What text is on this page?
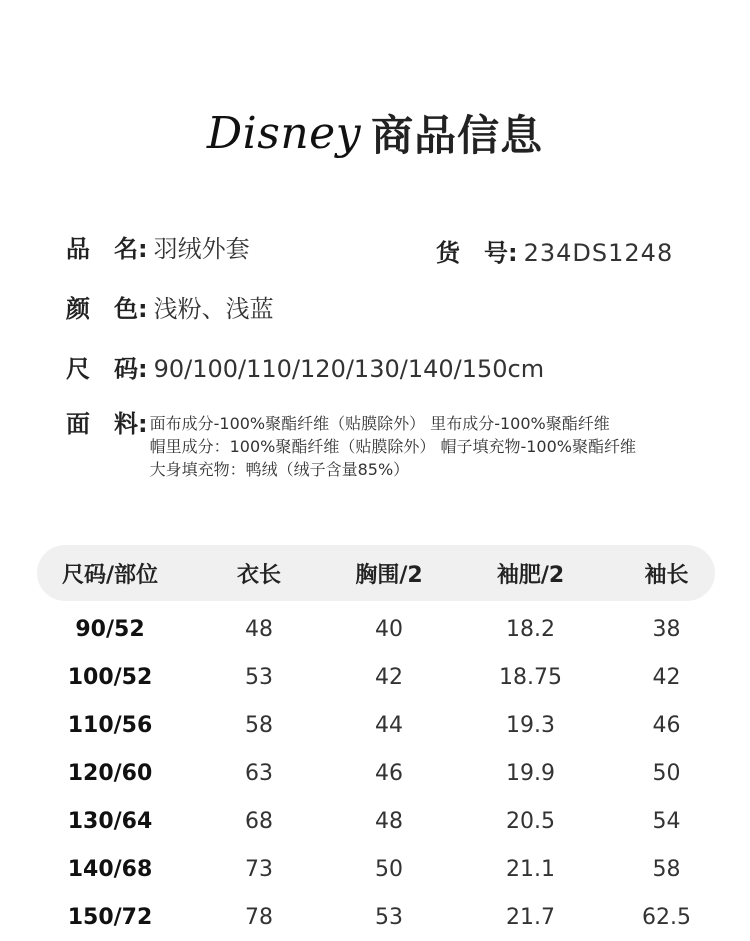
Disney 商品信息
品 名 : 羽绒外套	货 号 : 234DS1248
颜 色 : 浅粉、浅蓝
尺 码 : 90/100/110/120/130/140/150cm
面 料 : 面布成分-100%聚酯纤维（贴膜除外） 里布成分-100%聚酯纤维
帽里成分：100%聚酯纤维（贴膜除外） 帽子填充物-100%聚酯纤维
大身填充物：鸭绒（绒子含量85%）
尺码/部位	衣长	胸围/2	袖肥/2	袖长
90/52	48	40	18.2	38
100/52	53	42	18.75	42
110/56	58	44	19.3	46
120/60	63	46	19.9	50
130/64	68	48	20.5	54
140/68	73	50	21.1	58
150/72	78	53	21.7	62.5
